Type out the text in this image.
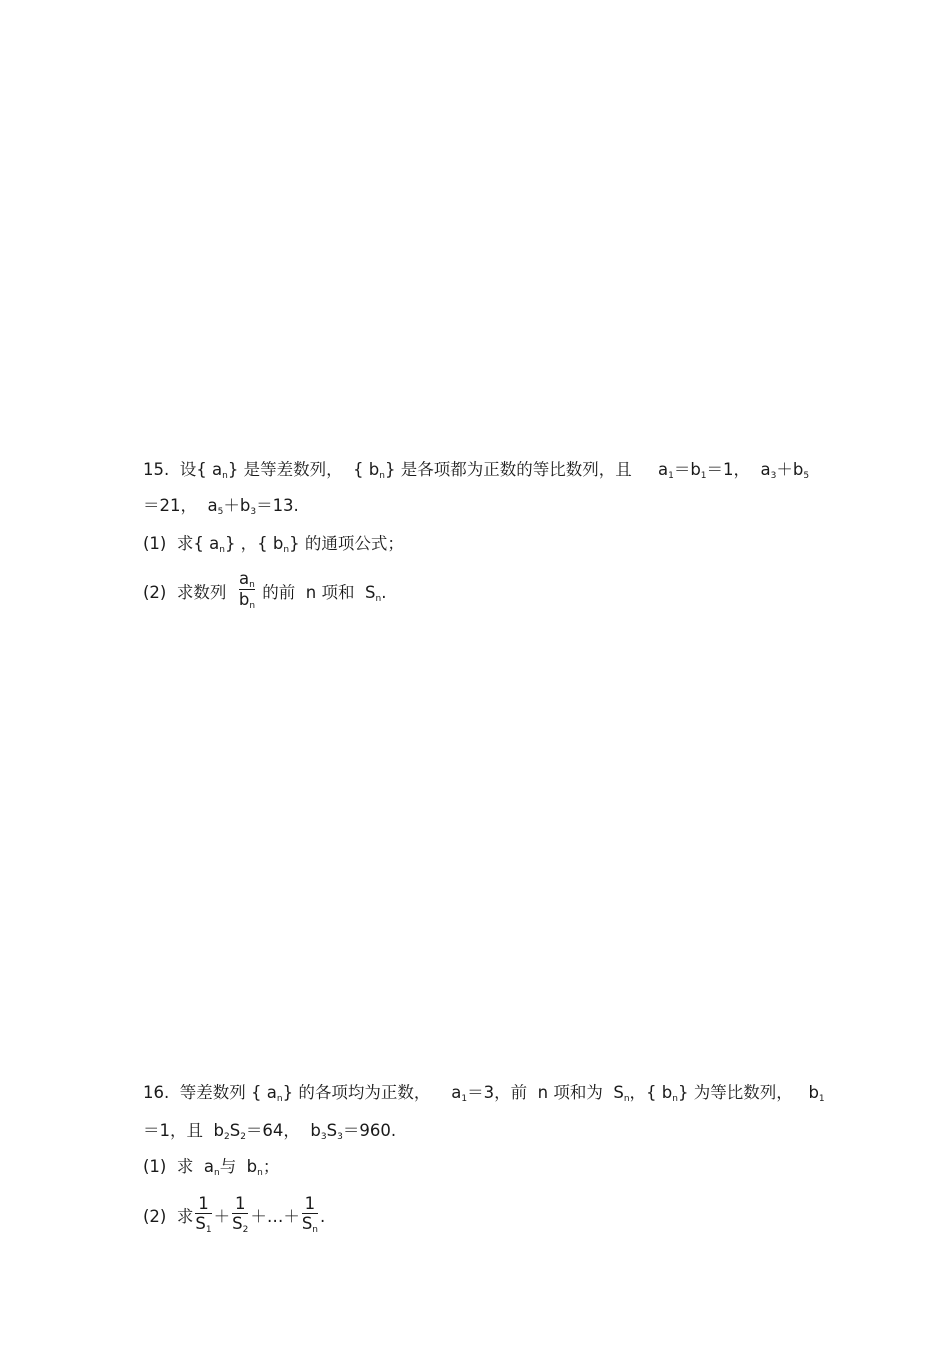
15. 设{ $a_n$} 是等差数列，  { $b_n$} 是各项都为正数的等比数列，且     $a_1=b_1=1$，  $a_3+b_5$
＝21，  $a_5+b_3=13$.
(1)  求{ $a_n$} ，{ $b_n$} 的通项公式；
(2)  求数列 $\frac{a_n}{b_n}$ 的前  n 项和  $S_n$.
16. 等差数列 { $a_n$} 的各项均为正数，    $a_1=3$，前  n 项和为  $S_n$，{ $b_n$} 为等比数列，   $b_1$
＝1，且  $b_2S_2=64$，  $b_3S_3=960$.
(1)  求  $a_n$与  $b_n$；
(2)  求 $\frac{1}{S_1} + \frac{1}{S_2}$ ＋…＋ $\frac{1}{S_n}$ .
